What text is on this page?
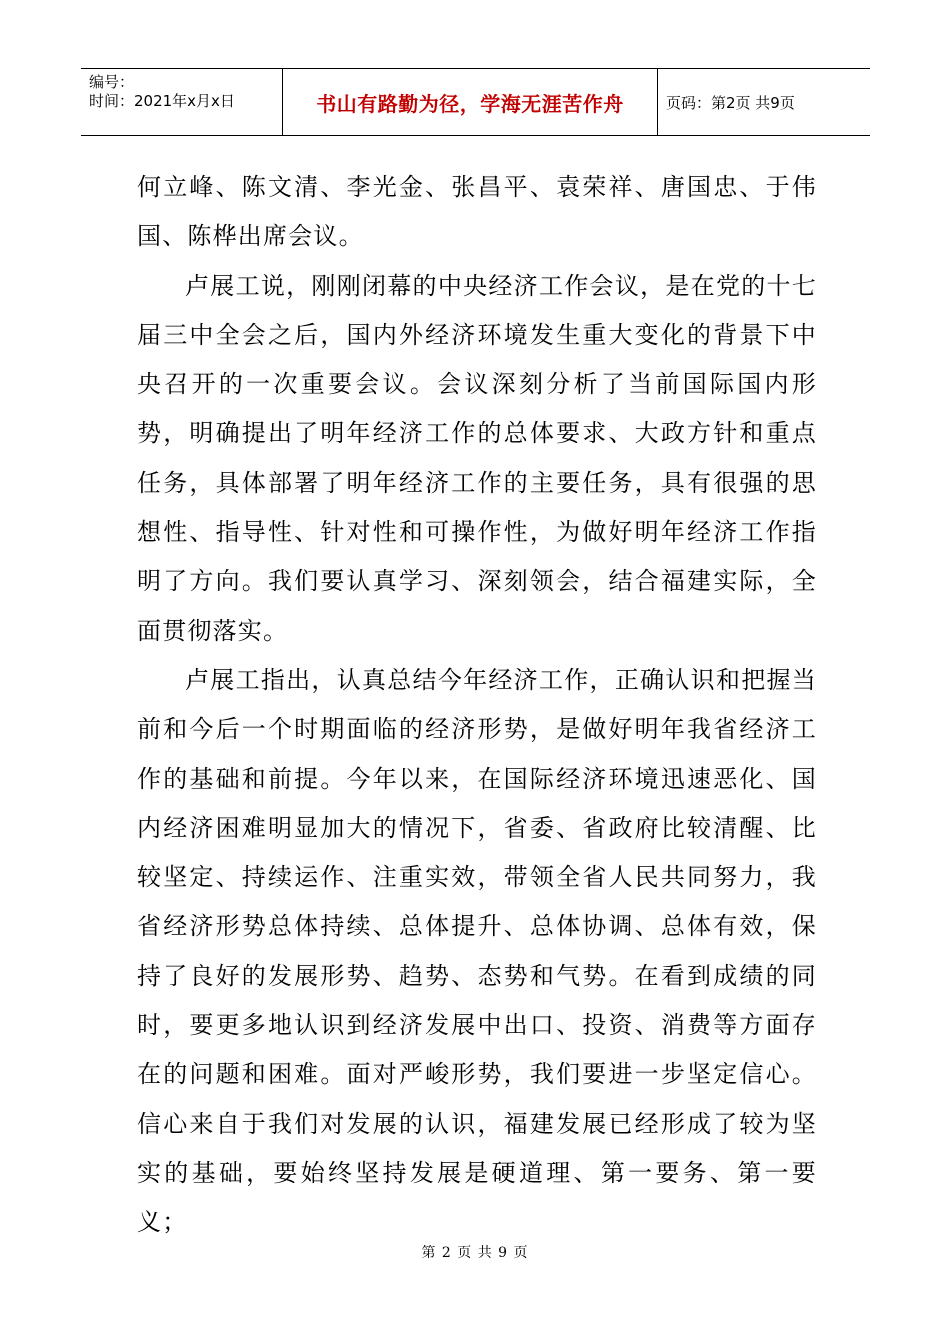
编号：
时间：2021年x月x日	书山有路勤为径，学海无涯苦作舟	页码：第2页 共9页

何立峰、陈文清、李光金、张昌平、袁荣祥、唐国忠、于伟国、陈桦出席会议。

卢展工说，刚刚闭幕的中央经济工作会议，是在党的十七届三中全会之后，国内外经济环境发生重大变化的背景下中央召开的一次重要会议。会议深刻分析了当前国际国内形势，明确提出了明年经济工作的总体要求、大政方针和重点任务，具体部署了明年经济工作的主要任务，具有很强的思想性、指导性、针对性和可操作性，为做好明年经济工作指明了方向。我们要认真学习、深刻领会，结合福建实际，全面贯彻落实。

卢展工指出，认真总结今年经济工作，正确认识和把握当前和今后一个时期面临的经济形势，是做好明年我省经济工作的基础和前提。今年以来，在国际经济环境迅速恶化、国内经济困难明显加大的情况下，省委、省政府比较清醒、比较坚定、持续运作、注重实效，带领全省人民共同努力，我省经济形势总体持续、总体提升、总体协调、总体有效，保持了良好的发展形势、趋势、态势和气势。在看到成绩的同时，要更多地认识到经济发展中出口、投资、消费等方面存在的问题和困难。面对严峻形势，我们要进一步坚定信心。信心来自于我们对发展的认识，福建发展已经形成了较为坚实的基础，要始终坚持发展是硬道理、第一要务、第一要义；

第 2 页 共 9 页
